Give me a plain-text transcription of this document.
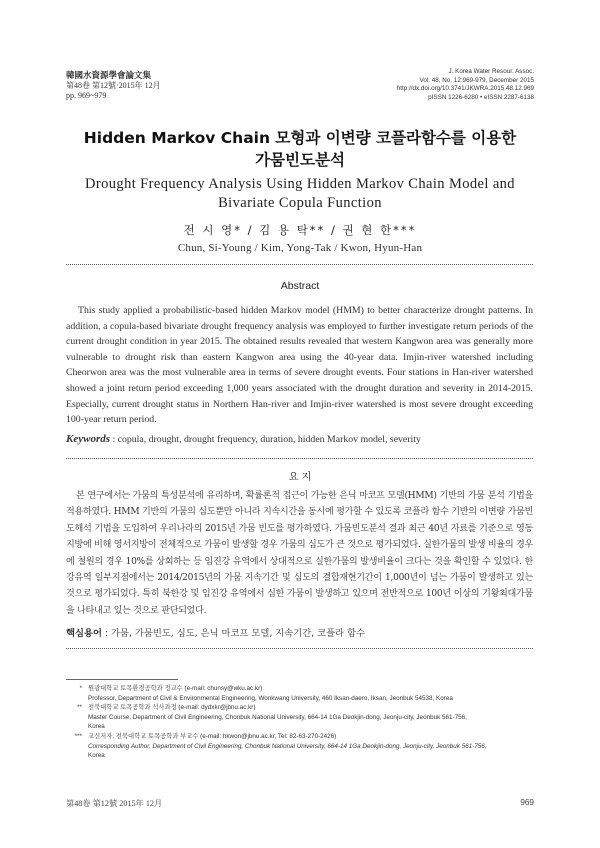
韓國水資源學會論文集
第48卷 第12號·2015年 12月
pp. 969~979
J. Korea Water Resour. Assoc.
Vol. 48, No. 12:969-979, December 2015
http://dx.doi.org/10.3741/JKWRA.2015.48.12.969
pISSN 1226-6280 • eISSN 2287-6138
Hidden Markov Chain 모형과 이변량 코플라함수를 이용한
가뭄빈도분석
Drought Frequency Analysis Using Hidden Markov Chain Model and
Bivariate Copula Function
전 시 영* / 김 용 탁** / 권 현 한***
Chun, Si-Young / Kim, Yong-Tak / Kwon, Hyun-Han
Abstract
This study applied a probabilistic-based hidden Markov model (HMM) to better characterize drought patterns. In addition, a copula-based bivariate drought frequency analysis was employed to further investigate return periods of the current drought condition in year 2015. The obtained results revealed that western Kangwon area was generally more vulnerable to drought risk than eastern Kangwon area using the 40-year data. Imjin-river watershed including Cheorwon area was the most vulnerable area in terms of severe drought events. Four stations in Han-river watershed showed a joint return period exceeding 1,000 years associated with the drought duration and severity in 2014-2015. Especially, current drought status in Northern Han-river and Imjin-river watershed is most severe drought exceeding 100-year return period.
Keywords : copula, drought, drought frequency, duration, hidden Markov model, severity
요 지
본 연구에서는 가뭄의 특성분석에 유리하며, 확률론적 접근이 가능한 은닉 마코프 모델(HMM) 기반의 가뭄 분석 기법을 적용하였다. HMM 기반의 가뭄의 심도뿐만 아니라 지속시간을 동시에 평가할 수 있도록 코플라 함수 기반의 이변량 가뭄빈도해석 기법을 도입하여 우리나라의 2015년 가뭄 빈도를 평가하였다. 가뭄빈도분석 결과 최근 40년 자료를 기준으로 영동지방에 비해 영서지방이 전체적으로 가뭄이 발생할 경우 가뭄의 심도가 큰 것으로 평가되었다. 실한가뭄의 발생 비율의 경우에 철원의 경우 10%를 상회하는 등 임진강 유역에서 상대적으로 실한가뭄의 발생비율이 크다는 것을 확인할 수 있었다. 한강유역 일부지점에서는 2014/2015년의 가뭄 지속기간 및 심도의 결합재현기간이 1,000년이 넘는 가뭄이 발생하고 있는 것으로 평가되었다. 특히 북한강 및 임진강 유역에서 심한 가뭄이 발생하고 있으며 전반적으로 100년 이상의 기왕최대가뭄을 나타내고 있는 것으로 판단되었다.
핵심용어 : 가뭄, 가뭄빈도, 심도, 은닉 마코프 모델, 지속기간, 코플라 함수
* 원광대학교 토목환경공학과 정교수 (e-mail: chunsy@wku.ac.kr)
Professor, Department of Civil & Environmental Engineering, Wonkwang University, 460 Iksan-daero, Iksan, Jeonbuk 54538, Korea
** 전북대학교 토목공학과 석사과정 (e-mail: dydxkr@jbnu.ac.kr)
Master Course, Department of Civil Engineering, Chonbuk National University, 664-14 1Ga Deokjin-dong, Jeonju-city, Jeonbuk 561-756,
Korea
*** 교신저자, 전북대학교 토목공학과 부교수 (e-mail: hkwon@jbnu.ac.kr, Tel: 82-63-270-2426)
Corresponding Author, Department of Civil Engineering, Chonbuk National University, 664-14 1Ga Deokjin-dong, Jeonju-city, Jeonbuk 561-756,
Korea
第48卷 第12號 2015年 12月	969
